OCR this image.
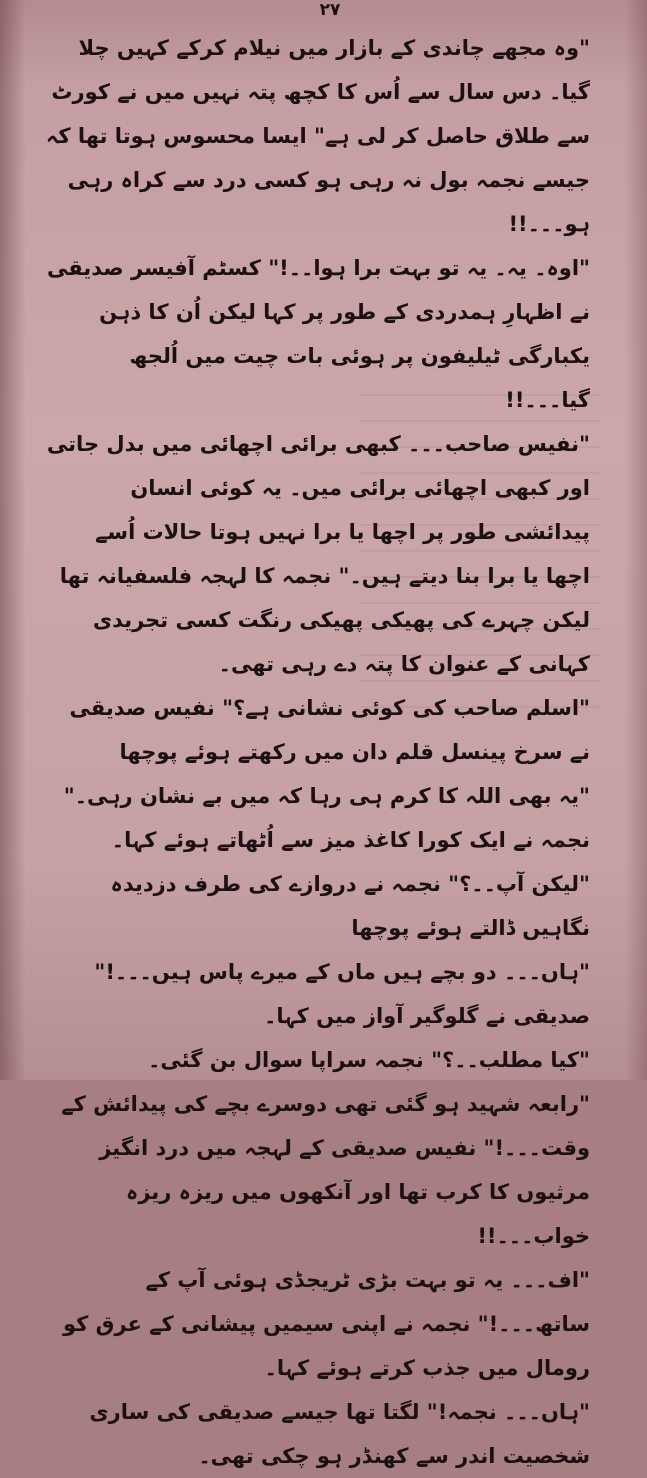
۲۷

"وہ مجھے چاندی کے بازار میں نیلام کرکے کہیں چلا گیا۔ دس سال سے اُس کا کچھ پتہ نہیں میں نے کورٹ سے طلاق حاصل کر لی ہے" ایسا محسوس ہوتا تھا کہ جیسے نجمہ بول نہ رہی ہو کسی درد سے کراہ رہی ہو۔۔۔!!

"اوہ۔ یہ۔ یہ تو بہت برا ہوا۔۔!" کسٹم آفیسر صدیقی نے اظہارِ ہمدردی کے طور پر کہا لیکن اُن کا ذہن یکبارگی ٹیلیفون پر ہوئی بات چیت میں اُلجھ گیا۔۔۔!!

"نفیس صاحب۔۔۔ کبھی برائی اچھائی میں بدل جاتی اور کبھی اچھائی برائی میں۔ یہ کوئی انسان پیدائشی طور پر اچھا یا برا نہیں ہوتا حالات اُسے اچھا یا برا بنا دیتے ہیں۔" نجمہ کا لہجہ فلسفیانہ تھا لیکن چہرے کی پھیکی پھیکی رنگت کسی تجریدی کہانی کے عنوان کا پتہ دے رہی تھی۔

"اسلم صاحب کی کوئی نشانی ہے؟" نفیس صدیقی نے سرخ پینسل قلم دان میں رکھتے ہوئے پوچھا

"یہ بھی اللہ کا کرم ہی رہا کہ میں بے نشان رہی۔" نجمہ نے ایک کورا کاغذ میز سے اُٹھاتے ہوئے کہا۔

"لیکن آپ۔۔؟" نجمہ نے دروازے کی طرف دزدیدہ نگاہیں ڈالتے ہوئے پوچھا

"ہاں۔۔۔ دو بچے ہیں ماں کے میرے پاس ہیں۔۔۔!" صدیقی نے گلوگیر آواز میں کہا۔

"کیا مطلب۔۔؟" نجمہ سراپا سوال بن گئی۔

"رابعہ شہید ہو گئی تھی دوسرے بچے کی پیدائش کے وقت۔۔۔!" نفیس صدیقی کے لہجہ میں درد انگیز مرثیوں کا کرب تھا اور آنکھوں میں ریزہ ریزہ خواب۔۔۔!!

"اف۔۔۔ یہ تو بہت بڑی ٹریجڈی ہوئی آپ کے ساتھ۔۔۔!" نجمہ نے اپنی سیمیں پیشانی کے عرق کو رومال میں جذب کرتے ہوئے کہا۔

"ہاں۔۔۔ نجمہ!" لگتا تھا جیسے صدیقی کی ساری شخصیت اندر سے کھنڈر ہو چکی تھی۔
